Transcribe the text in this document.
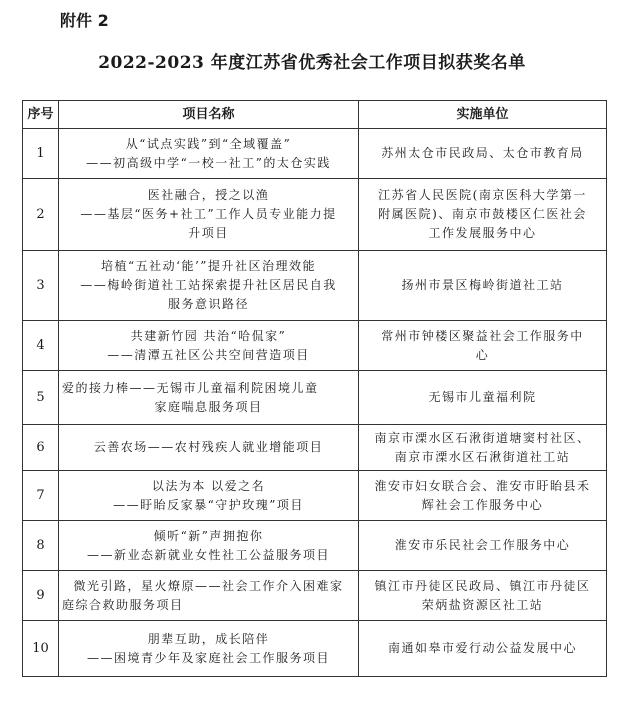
附件 2
2022-2023 年度江苏省优秀社会工作项目拟获奖名单
序号	项目名称	实施单位
1	从“试点实践”到“全域覆盖”
——初高级中学“一校一社工”的太仓实践	苏州太仓市民政局、太仓市教育局

2	医社融合，授之以渔
——基层“医务+社工”工作人员专业能力提
升项目	江苏省人民医院(南京医科大学第一
附属医院)、南京市鼓楼区仁医社会
工作发展服务中心

3	培植“五社动‘能’”提升社区治理效能
——梅岭街道社工站探索提升社区居民自我
服务意识路径	扬州市景区梅岭街道社工站

4	共建新竹园 共治“哈侃家”
——清潭五社区公共空间营造项目	常州市钟楼区聚益社会工作服务中
心

5	爱的接力棒——无锡市儿童福利院困境儿童
家庭喘息服务项目	无锡市儿童福利院

6	云善农场——农村残疾人就业增能项目	南京市溧水区石湫街道塘窦村社区、
南京市溧水区石湫街道社工站

7	以法为本 以爱之名
——盱眙反家暴“守护玫瑰”项目	淮安市妇女联合会、淮安市盱眙县禾
辉社会工作服务中心

8	倾听“新”声拥抱你
——新业态新就业女性社工公益服务项目	淮安市乐民社会工作服务中心

9	微光引路，星火燎原——社会工作介入困难家
庭综合救助服务项目	镇江市丹徒区民政局、镇江市丹徒区
荣炳盐资源区社工站

10	朋辈互助，成长陪伴
——困境青少年及家庭社会工作服务项目	南通如皋市爱行动公益发展中心
